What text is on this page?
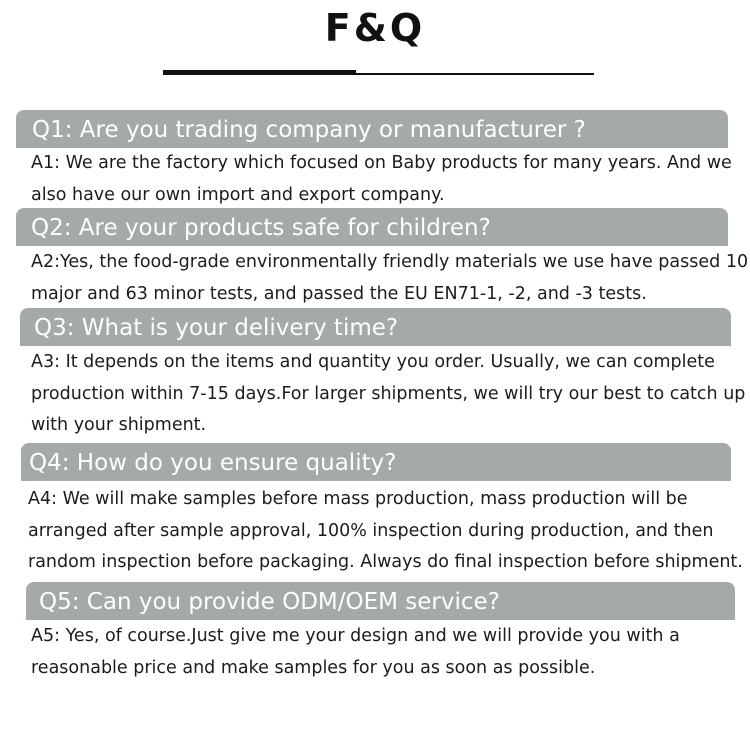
F&Q
Q1: Are you trading company or manufacturer ?
A1: We are the factory which focused on Baby products for many years. And we
also have our own import and export company.
Q2: Are your products safe for children?
A2:Yes, the food-grade environmentally friendly materials we use have passed 10
major and 63 minor tests, and passed the EU EN71-1, -2, and -3 tests.
Q3: What is your delivery time?
A3: It depends on the items and quantity you order. Usually, we can complete
production within 7-15 days.For larger shipments, we will try our best to catch up
with your shipment.
Q4: How do you ensure quality?
A4: We will make samples before mass production, mass production will be
arranged after sample approval, 100% inspection during production, and then
random inspection before packaging. Always do final inspection before shipment.
Q5: Can you provide ODM/OEM service?
A5: Yes, of course.Just give me your design and we will provide you with a
reasonable price and make samples for you as soon as possible.
